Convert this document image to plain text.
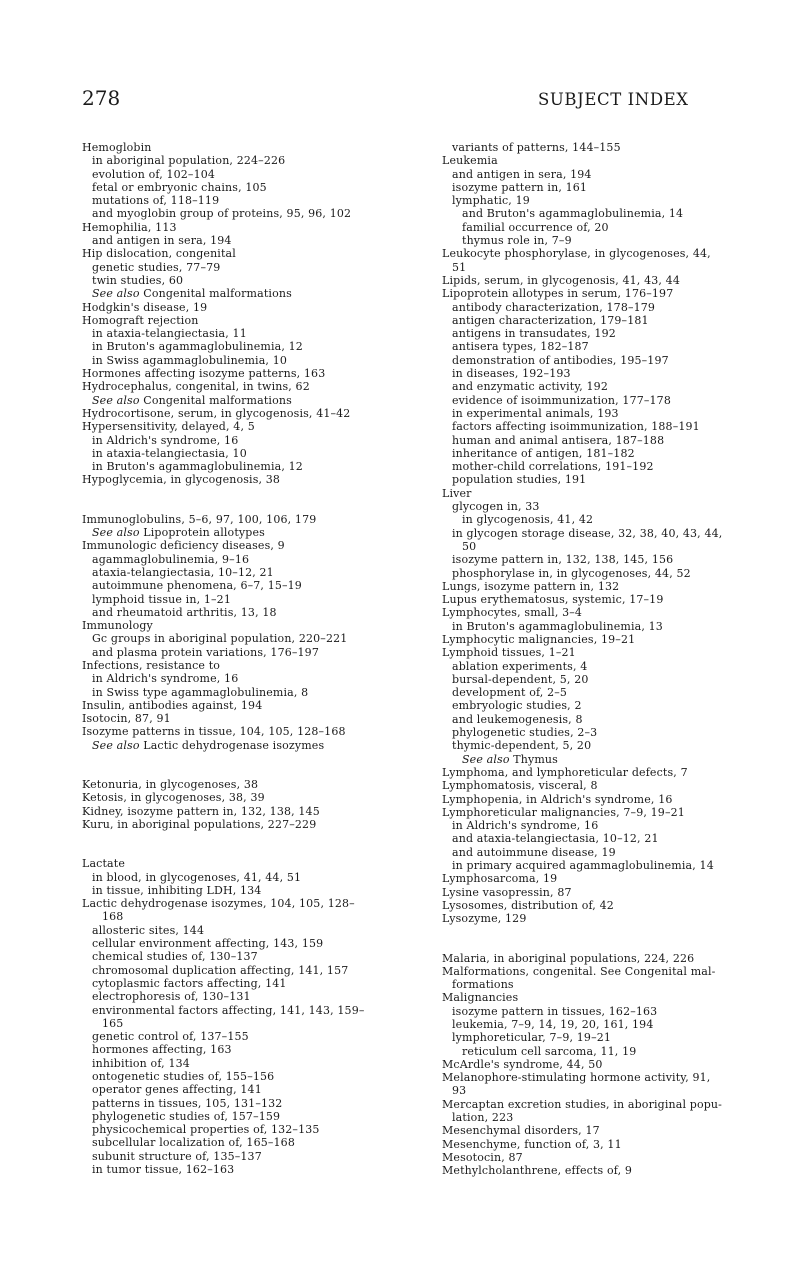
278	SUBJECT INDEX
Hemoglobin
in aboriginal population, 224–226
evolution of, 102–104
fetal or embryonic chains, 105
mutations of, 118–119
and myoglobin group of proteins, 95, 96, 102
Hemophilia, 113
and antigen in sera, 194
Hip dislocation, congenital
genetic studies, 77–79
twin studies, 60
See also Congenital malformations
Hodgkin's disease, 19
Homograft rejection
in ataxia-telangiectasia, 11
in Bruton's agammaglobulinemia, 12
in Swiss agammaglobulinemia, 10
Hormones affecting isozyme patterns, 163
Hydrocephalus, congenital, in twins, 62
See also Congenital malformations
Hydrocortisone, serum, in glycogenosis, 41–42
Hypersensitivity, delayed, 4, 5
in Aldrich's syndrome, 16
in ataxia-telangiectasia, 10
in Bruton's agammaglobulinemia, 12
Hypoglycemia, in glycogenosis, 38
Immunoglobulins, 5–6, 97, 100, 106, 179
See also Lipoprotein allotypes
Immunologic deficiency diseases, 9
agammaglobulinemia, 9–16
ataxia-telangiectasia, 10–12, 21
autoimmune phenomena, 6–7, 15–19
lymphoid tissue in, 1–21
and rheumatoid arthritis, 13, 18
Immunology
Gc groups in aboriginal population, 220–221
and plasma protein variations, 176–197
Infections, resistance to
in Aldrich's syndrome, 16
in Swiss type agammaglobulinemia, 8
Insulin, antibodies against, 194
Isotocin, 87, 91
Isozyme patterns in tissue, 104, 105, 128–168
See also Lactic dehydrogenase isozymes
Ketonuria, in glycogenoses, 38
Ketosis, in glycogenoses, 38, 39
Kidney, isozyme pattern in, 132, 138, 145
Kuru, in aboriginal populations, 227–229
Lactate
in blood, in glycogenoses, 41, 44, 51
in tissue, inhibiting LDH, 134
Lactic dehydrogenase isozymes, 104, 105, 128–
168
allosteric sites, 144
cellular environment affecting, 143, 159
chemical studies of, 130–137
chromosomal duplication affecting, 141, 157
cytoplasmic factors affecting, 141
electrophoresis of, 130–131
environmental factors affecting, 141, 143, 159–
165
genetic control of, 137–155
hormones affecting, 163
inhibition of, 134
ontogenetic studies of, 155–156
operator genes affecting, 141
patterns in tissues, 105, 131–132
phylogenetic studies of, 157–159
physicochemical properties of, 132–135
subcellular localization of, 165–168
subunit structure of, 135–137
in tumor tissue, 162–163
variants of patterns, 144–155
Leukemia
and antigen in sera, 194
isozyme pattern in, 161
lymphatic, 19
and Bruton's agammaglobulinemia, 14
familial occurrence of, 20
thymus role in, 7–9
Leukocyte phosphorylase, in glycogenoses, 44,
51
Lipids, serum, in glycogenosis, 41, 43, 44
Lipoprotein allotypes in serum, 176–197
antibody characterization, 178–179
antigen characterization, 179–181
antigens in transudates, 192
antisera types, 182–187
demonstration of antibodies, 195–197
in diseases, 192–193
and enzymatic activity, 192
evidence of isoimmunization, 177–178
in experimental animals, 193
factors affecting isoimmunization, 188–191
human and animal antisera, 187–188
inheritance of antigen, 181–182
mother-child correlations, 191–192
population studies, 191
Liver
glycogen in, 33
in glycogenosis, 41, 42
in glycogen storage disease, 32, 38, 40, 43, 44,
50
isozyme pattern in, 132, 138, 145, 156
phosphorylase in, in glycogenoses, 44, 52
Lungs, isozyme pattern in, 132
Lupus erythematosus, systemic, 17–19
Lymphocytes, small, 3–4
in Bruton's agammaglobulinemia, 13
Lymphocytic malignancies, 19–21
Lymphoid tissues, 1–21
ablation experiments, 4
bursal-dependent, 5, 20
development of, 2–5
embryologic studies, 2
and leukemogenesis, 8
phylogenetic studies, 2–3
thymic-dependent, 5, 20
See also Thymus
Lymphoma, and lymphoreticular defects, 7
Lymphomatosis, visceral, 8
Lymphopenia, in Aldrich's syndrome, 16
Lymphoreticular malignancies, 7–9, 19–21
in Aldrich's syndrome, 16
and ataxia-telangiectasia, 10–12, 21
and autoimmune disease, 19
in primary acquired agammaglobulinemia, 14
Lymphosarcoma, 19
Lysine vasopressin, 87
Lysosomes, distribution of, 42
Lysozyme, 129
Malaria, in aboriginal populations, 224, 226
Malformations, congenital. See Congenital mal-
formations
Malignancies
isozyme pattern in tissues, 162–163
leukemia, 7–9, 14, 19, 20, 161, 194
lymphoreticular, 7–9, 19–21
reticulum cell sarcoma, 11, 19
McArdle's syndrome, 44, 50
Melanophore-stimulating hormone activity, 91,
93
Mercaptan excretion studies, in aboriginal popu-
lation, 223
Mesenchymal disorders, 17
Mesenchyme, function of, 3, 11
Mesotocin, 87
Methylcholanthrene, effects of, 9
